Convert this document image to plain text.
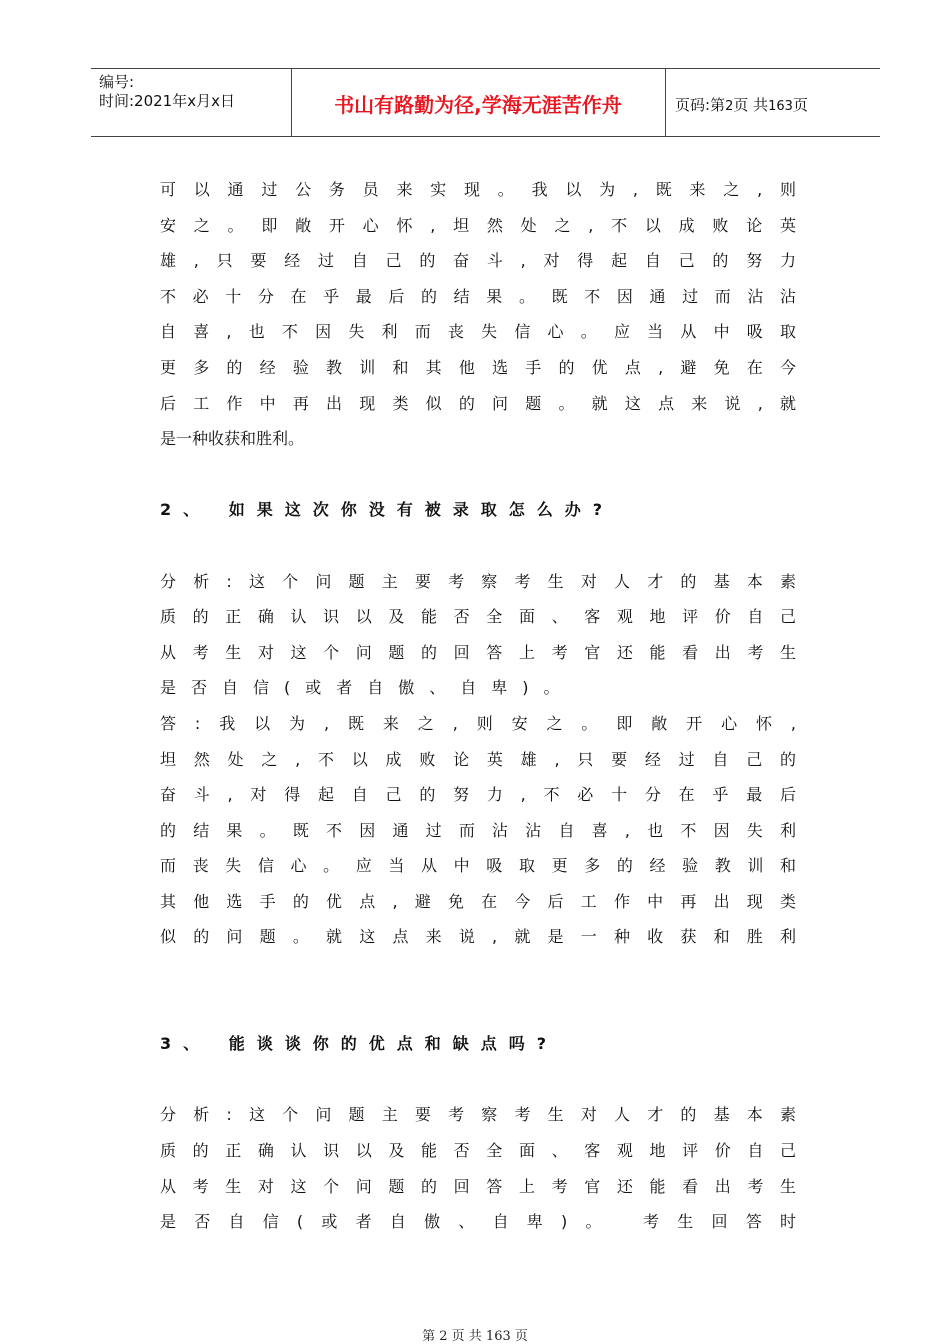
编号:
时间:2021年x月x日	书山有路勤为径,学海无涯苦作舟	页码:第2页 共163页
可​以​通​过​公​务​员​来​实​现​。​我​以​为​,​既​来​之​,​则
安​之​。​即​敞​开​心​怀​,​坦​然​处​之​,​不​以​成​败​论​英
雄​,​只​要​经​过​自​己​的​奋​斗​,​对​得​起​自​己​的​努​力
不​必​十​分​在​乎​最​后​的​结​果​。​既​不​因​通​过​而​沾​沾
自​喜​,​也​不​因​失​利​而​丧​失​信​心​。​应​当​从​中​吸​取
更​多​的​经​验​教​训​和​其​他​选​手​的​优​点​,​避​免​在​今
后​工​作​中​再​出​现​类​似​的​问​题​。​就​这​点​来​说​,​就
是一种收获和胜利。
2、 如果这次你没有被录取怎么办?
分​析​:​这​个​问​题​主​要​考​察​考​生​对​人​才​的​基​本​素
质​的​正​确​认​识​以​及​能​否​全​面​、​客​观​地​评​价​自​己
从​考​生​对​这​个​问​题​的​回​答​上​考​官​还​能​看​出​考​生
是否自信(或者自傲、自卑)。
答​:​我​以​为​,​既​来​之​,​则​安​之​。​即​敞​开​心​怀​,
坦​然​处​之​,​不​以​成​败​论​英​雄​,​只​要​经​过​自​己​的
奋​斗​,​对​得​起​自​己​的​努​力​,​不​必​十​分​在​乎​最​后
的​结​果​。​既​不​因​通​过​而​沾​沾​自​喜​,​也​不​因​失​利
而​丧​失​信​心​。​应​当​从​中​吸​取​更​多​的​经​验​教​训​和
其​他​选​手​的​优​点​,​避​免​在​今​后​工​作​中​再​出​现​类
似​的​问​题​。​就​这​点​来​说​,​就​是​一​种​收​获​和​胜​利
3、 能谈谈你的优点和缺点吗?
分​析​:​这​个​问​题​主​要​考​察​考​生​对​人​才​的​基​本​素
质​的​正​确​认​识​以​及​能​否​全​面​、​客​观​地​评​价​自​己
从​考​生​对​这​个​问​题​的​回​答​上​考​官​还​能​看​出​考​生
是​否​自​信​(​或​者​自​傲​、​自​卑​)​。​ ​考​生​回​答​时
第 2 页 共 163 页
